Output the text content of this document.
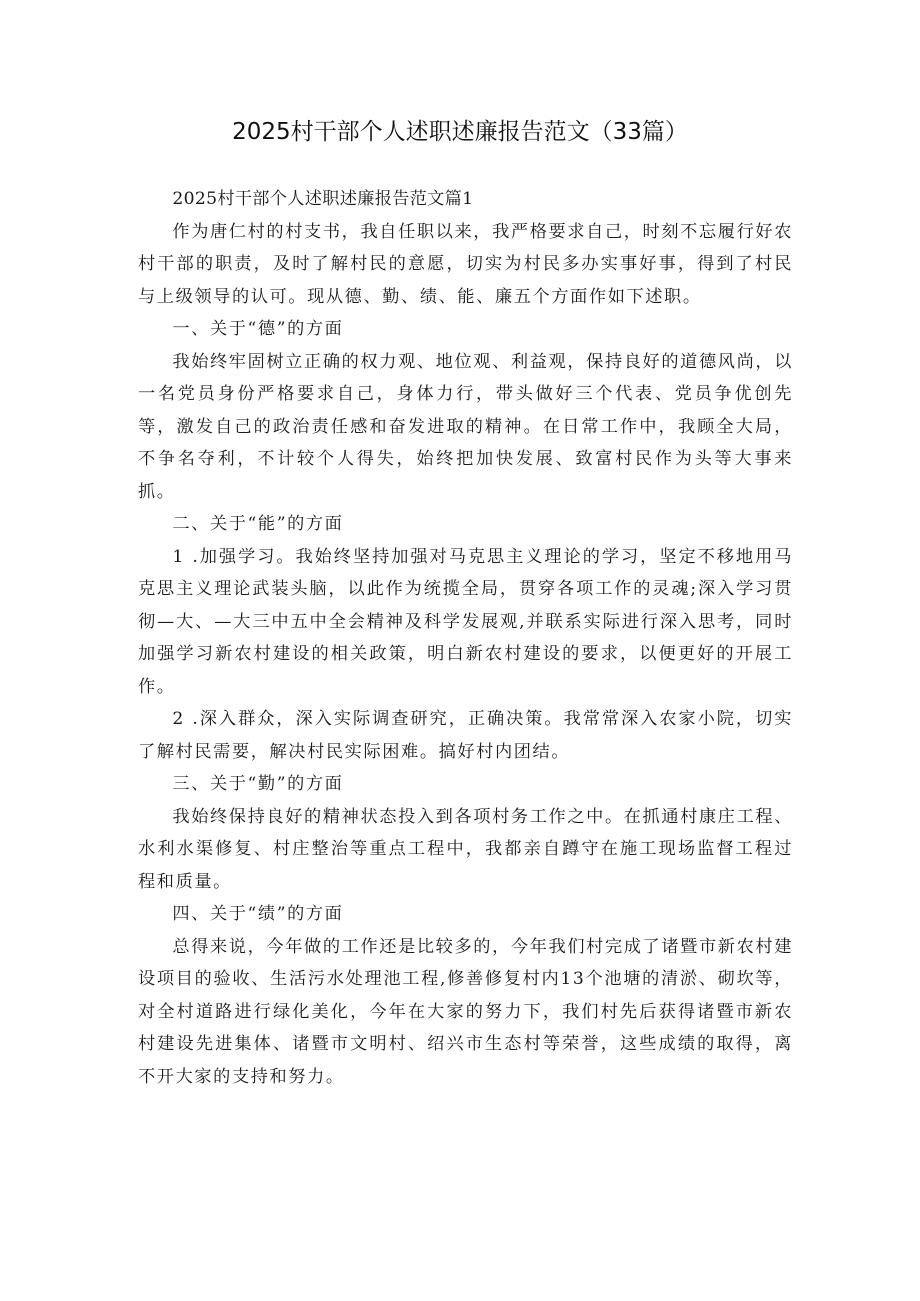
2025村干部个人述职述廉报告范文（33篇）

2025村干部个人述职述廉报告范文篇1

作为唐仁村的村支书，我自任职以来，我严格要求自己，时刻不忘履行好农村干部的职责，及时了解村民的意愿，切实为村民多办实事好事，得到了村民与上级领导的认可。现从德、勤、绩、能、廉五个方面作如下述职。

一、关于“德”的方面

我始终牢固树立正确的权力观、地位观、利益观，保持良好的道德风尚，以一名党员身份严格要求自己，身体力行，带头做好三个代表、党员争优创先等，激发自己的政治责任感和奋发进取的精神。在日常工作中，我顾全大局，不争名夺利，不计较个人得失，始终把加快发展、致富村民作为头等大事来抓。

二、关于“能”的方面

1 .加强学习。我始终坚持加强对马克思主义理论的学习，坚定不移地用马克思主义理论武装头脑，以此作为统揽全局，贯穿各项工作的灵魂;深入学习贯彻—大、—大三中五中全会精神及科学发展观,并联系实际进行深入思考，同时加强学习新农村建设的相关政策，明白新农村建设的要求，以便更好的开展工作。

2 .深入群众，深入实际调查研究，正确决策。我常常深入农家小院，切实了解村民需要，解决村民实际困难。搞好村内团结。

三、关于“勤”的方面

我始终保持良好的精神状态投入到各项村务工作之中。在抓通村康庄工程、水利水渠修复、村庄整治等重点工程中，我都亲自蹲守在施工现场监督工程过程和质量。

四、关于“绩”的方面

总得来说，今年做的工作还是比较多的，今年我们村完成了诸暨市新农村建设项目的验收、生活污水处理池工程,修善修复村内13个池塘的清淤、砌坎等，对全村道路进行绿化美化，今年在大家的努力下，我们村先后获得诸暨市新农村建设先进集体、诸暨市文明村、绍兴市生态村等荣誉，这些成绩的取得，离不开大家的支持和努力。
